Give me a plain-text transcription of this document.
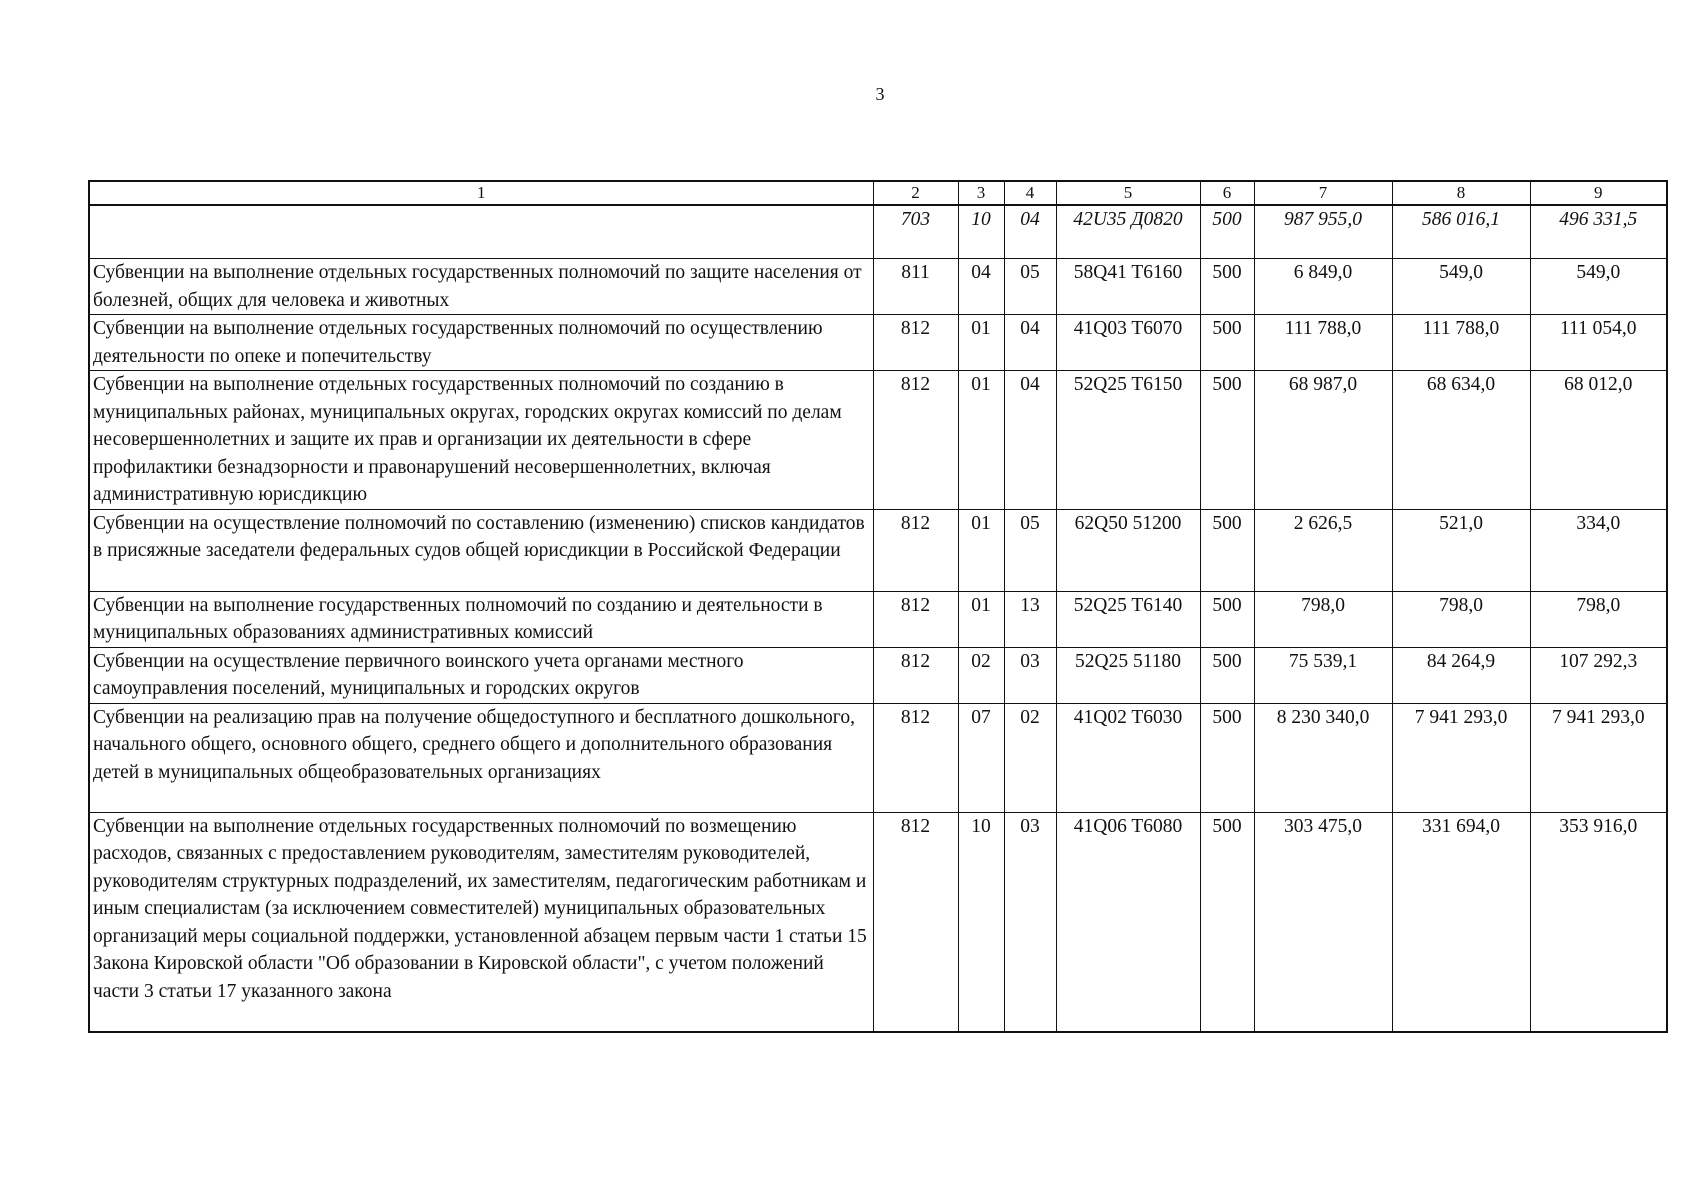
3
1	2	3	4	5	6	7	8	9
	703	10	04	42U35 Д0820	500	987 955,0	586 016,1	496 331,5
Субвенции на выполнение отдельных государственных полномочий по защите населения от болезней, общих для человека и животных	811	04	05	58Q41 T6160	500	6 849,0	549,0	549,0
Субвенции на выполнение отдельных государственных полномочий по осуществлению деятельности по опеке и попечительству	812	01	04	41Q03 T6070	500	111 788,0	111 788,0	111 054,0
Субвенции на выполнение отдельных государственных полномочий по созданию в муниципальных районах, муниципальных округах, городских округах комиссий по делам несовершеннолетних и защите их прав и организации их деятельности в сфере профилактики безнадзорности и правонарушений несовершеннолетних, включая административную юрисдикцию	812	01	04	52Q25 T6150	500	68 987,0	68 634,0	68 012,0
Субвенции на осуществление полномочий по составлению (изменению) списков кандидатов в присяжные заседатели федеральных судов общей юрисдикции в Российской Федерации	812	01	05	62Q50 51200	500	2 626,5	521,0	334,0
Субвенции на выполнение государственных полномочий по созданию и деятельности в муниципальных образованиях административных комиссий	812	01	13	52Q25 T6140	500	798,0	798,0	798,0
Субвенции на осуществление первичного воинского учета органами местного самоуправления поселений, муниципальных и городских округов	812	02	03	52Q25 51180	500	75 539,1	84 264,9	107 292,3
Субвенции на реализацию прав на получение общедоступного и бесплатного дошкольного, начального общего, основного общего, среднего общего и дополнительного образования детей в муниципальных общеобразовательных организациях	812	07	02	41Q02 T6030	500	8 230 340,0	7 941 293,0	7 941 293,0
Субвенции на выполнение отдельных государственных полномочий по возмещению расходов, связанных с предоставлением руководителям, заместителям руководителей, руководителям структурных подразделений, их заместителям, педагогическим работникам и иным специалистам (за исключением совместителей) муниципальных образовательных организаций меры социальной поддержки, установленной абзацем первым части 1 статьи 15 Закона Кировской области "Об образовании в Кировской области", с учетом положений части 3 статьи 17 указанного закона	812	10	03	41Q06 T6080	500	303 475,0	331 694,0	353 916,0
